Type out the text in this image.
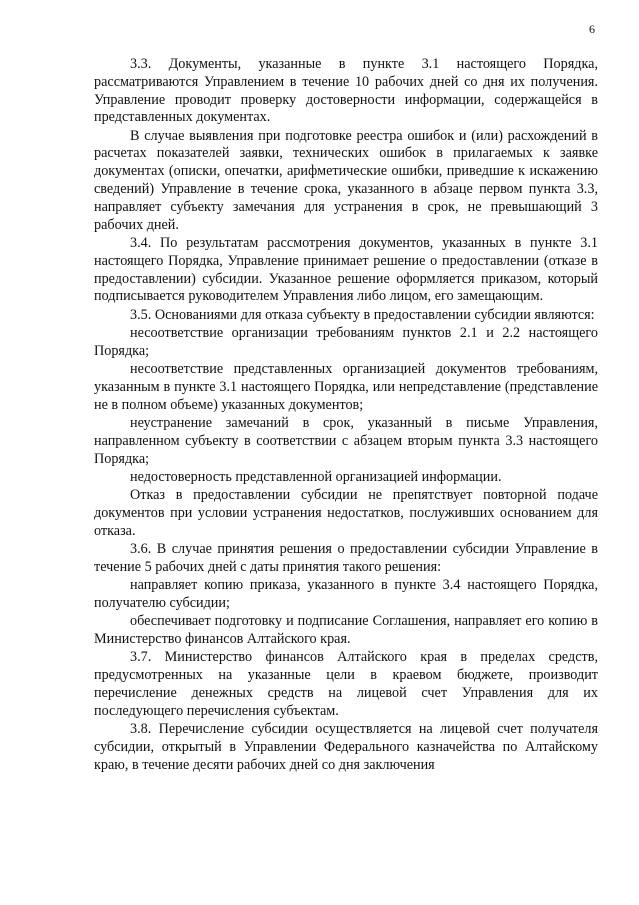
6

3.3. Документы, указанные в пункте 3.1 настоящего Порядка, рассматриваются Управлением в течение 10 рабочих дней со дня их получения. Управление проводит проверку достоверности информации, содержащейся в представленных документах.

В случае выявления при подготовке реестра ошибок и (или) расхождений в расчетах показателей заявки, технических ошибок в прилагаемых к заявке документах (описки, опечатки, арифметические ошибки, приведшие к искажению сведений) Управление в течение срока, указанного в абзаце первом пункта 3.3, направляет субъекту замечания для устранения в срок, не превышающий 3 рабочих дней.

3.4. По результатам рассмотрения документов, указанных в пункте 3.1 настоящего Порядка, Управление принимает решение о предоставлении (отказе в предоставлении) субсидии. Указанное решение оформляется приказом, который подписывается руководителем Управления либо лицом, его замещающим.

3.5. Основаниями для отказа субъекту в предоставлении субсидии являются:

несоответствие организации требованиям пунктов 2.1 и 2.2 настоящего Порядка;

несоответствие представленных организацией документов требованиям, указанным в пункте 3.1 настоящего Порядка, или непредставление (представление не в полном объеме) указанных документов;

неустранение замечаний в срок, указанный в письме Управления, направленном субъекту в соответствии с абзацем вторым пункта 3.3 настоящего Порядка;

недостоверность представленной организацией информации.

Отказ в предоставлении субсидии не препятствует повторной подаче документов при условии устранения недостатков, послуживших основанием для отказа.

3.6. В случае принятия решения о предоставлении субсидии Управление в течение 5 рабочих дней с даты принятия такого решения:

направляет копию приказа, указанного в пункте 3.4 настоящего Порядка, получателю субсидии;

обеспечивает подготовку и подписание Соглашения, направляет его копию в Министерство финансов Алтайского края.

3.7. Министерство финансов Алтайского края в пределах средств, предусмотренных на указанные цели в краевом бюджете, производит перечисление денежных средств на лицевой счет Управления для их последующего перечисления субъектам.

3.8. Перечисление субсидии осуществляется на лицевой счет получателя субсидии, открытый в Управлении Федерального казначейства по Алтайскому краю, в течение десяти рабочих дней со дня заключения
